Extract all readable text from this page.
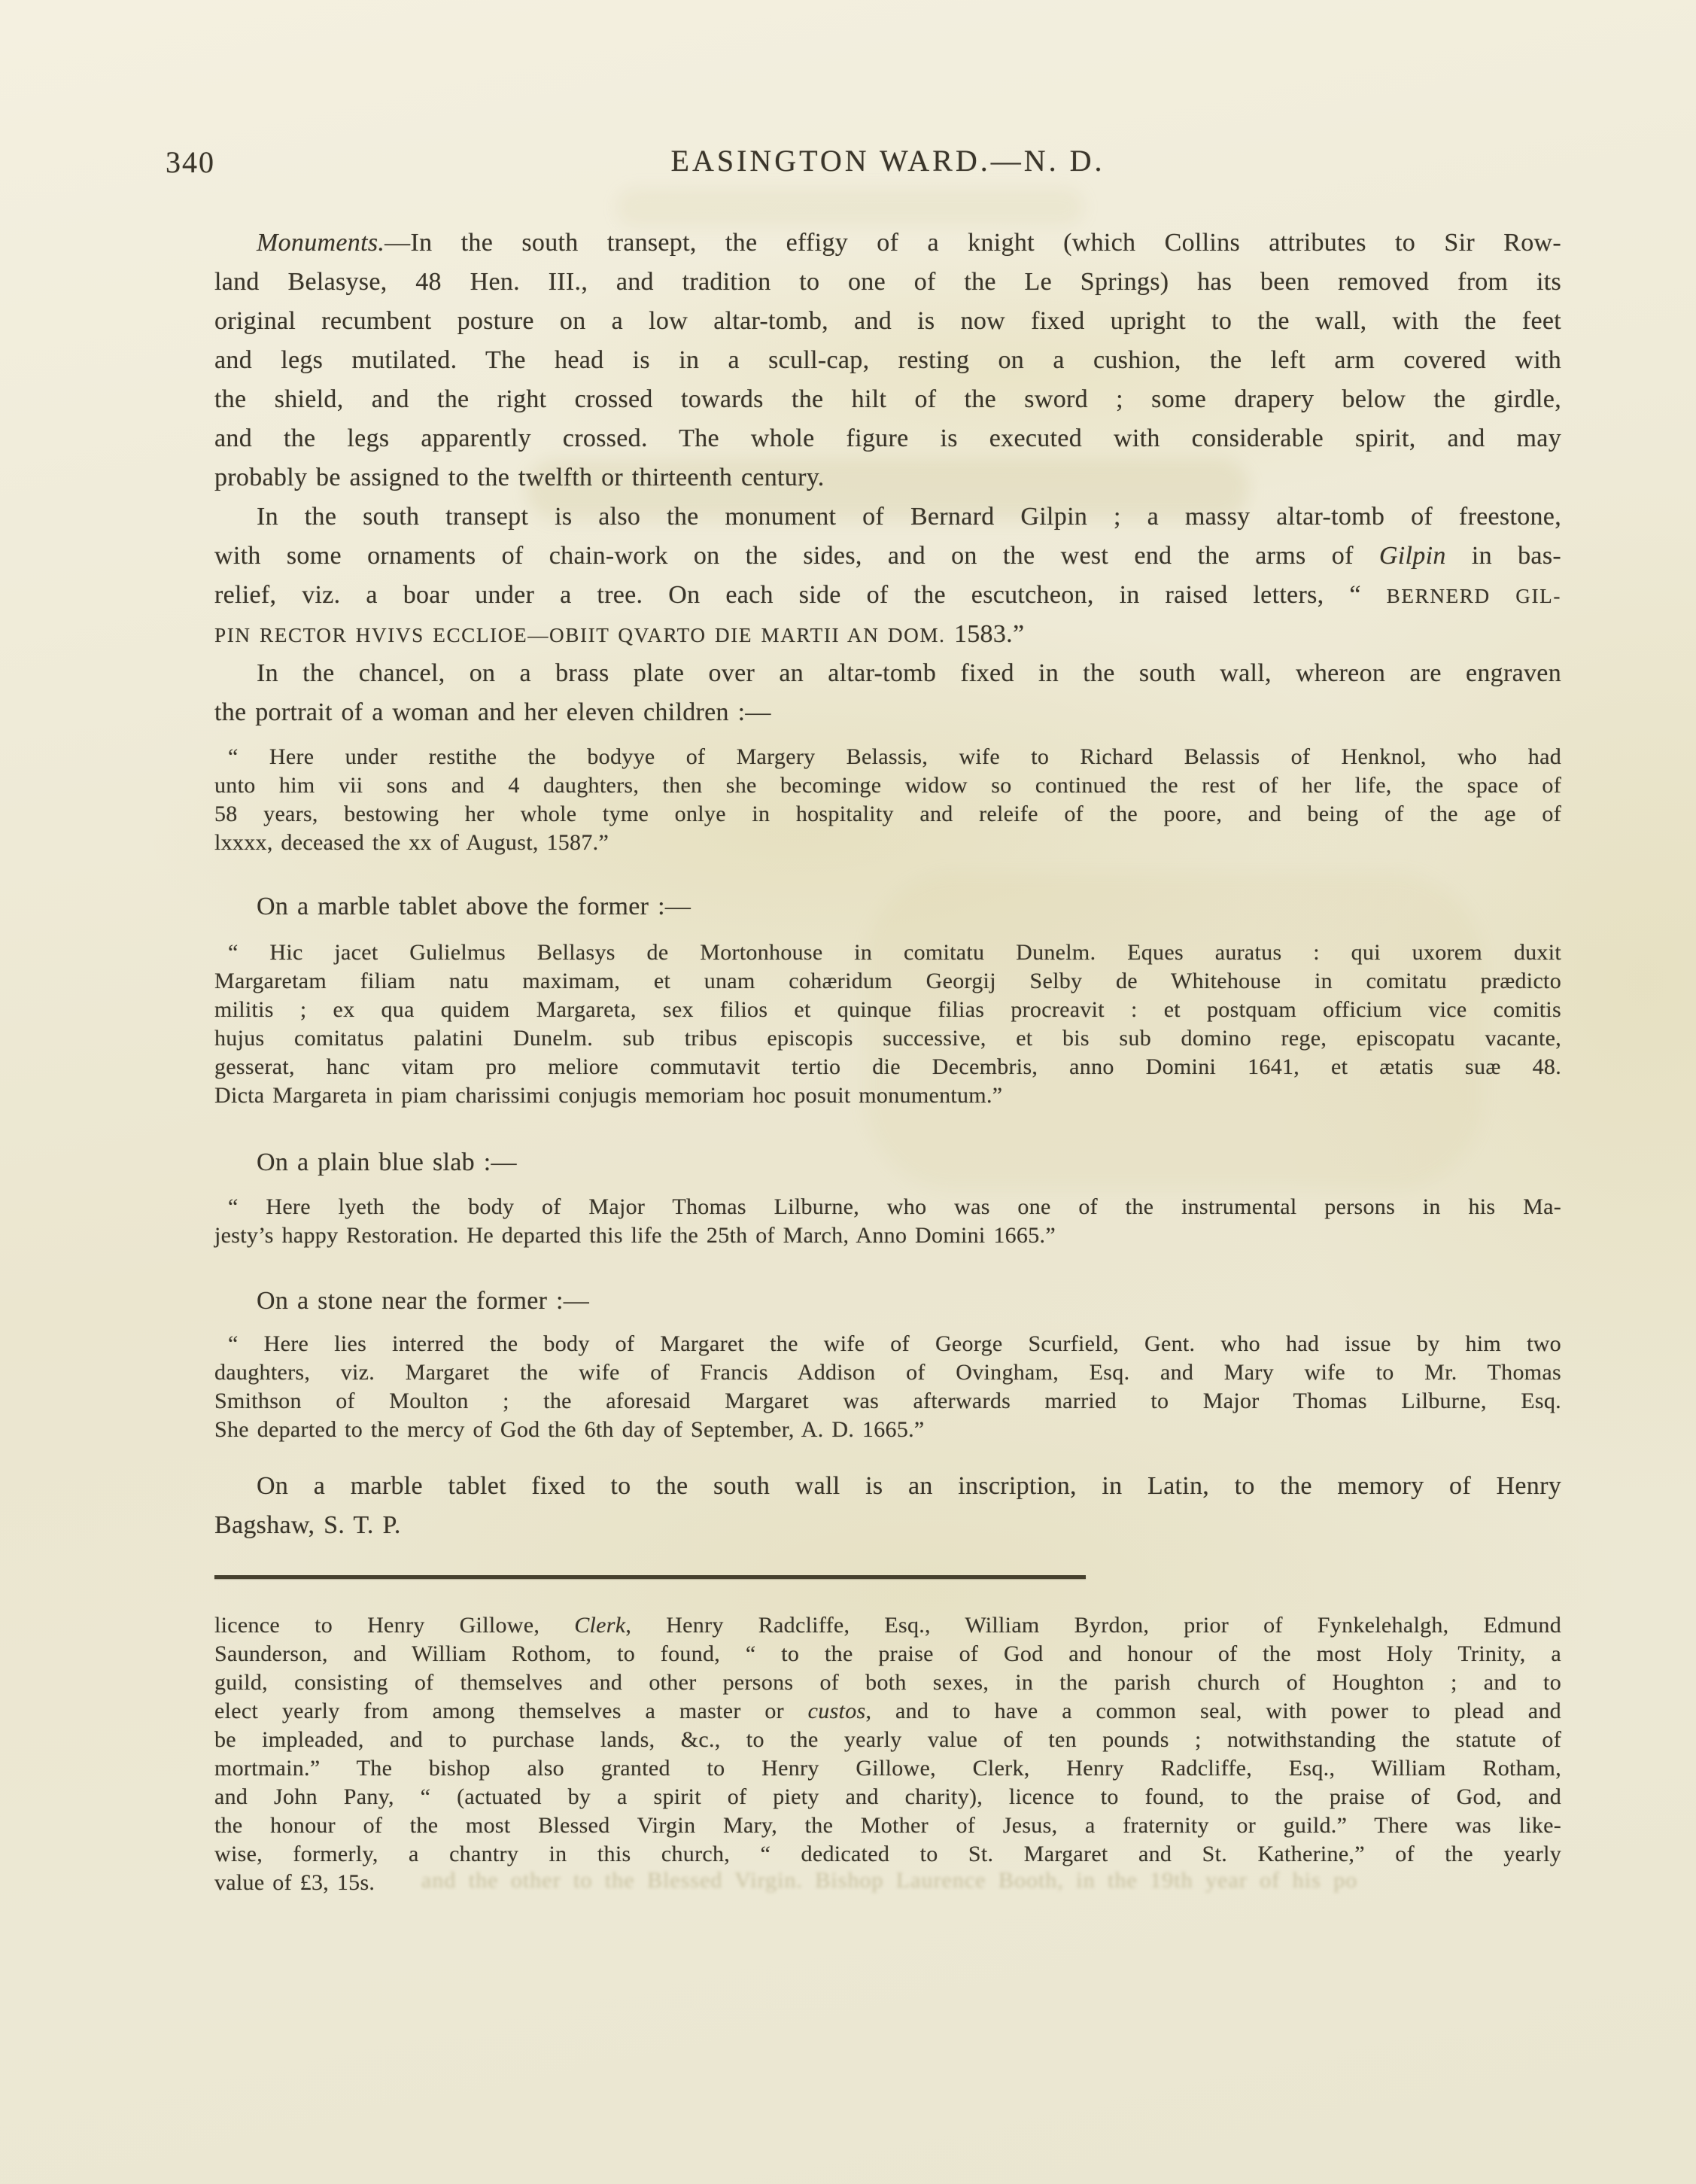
340	EASINGTON WARD.—N. D.
Monuments.—In the south transept, the effigy of a knight (which Collins attributes to Sir Row-
land Belasyse, 48 Hen. III., and tradition to one of the Le Springs) has been removed from its
original recumbent posture on a low altar-tomb, and is now fixed upright to the wall, with the feet
and legs mutilated. The head is in a scull-cap, resting on a cushion, the left arm covered with
the shield, and the right crossed towards the hilt of the sword ; some drapery below the girdle,
and the legs apparently crossed. The whole figure is executed with considerable spirit, and may
probably be assigned to the twelfth or thirteenth century.
In the south transept is also the monument of Bernard Gilpin ; a massy altar-tomb of freestone,
with some ornaments of chain-work on the sides, and on the west end the arms of Gilpin in bas-
relief, viz. a boar under a tree. On each side of the escutcheon, in raised letters, “ BERNERD GIL-
PIN RECTOR HVIVS ECCLIOE—OBIIT QVARTO DIE MARTII AN DOM. 1583.”
In the chancel, on a brass plate over an altar-tomb fixed in the south wall, whereon are engraven
the portrait of a woman and her eleven children :—
“ Here under restithe the bodyye of Margery Belassis, wife to Richard Belassis of Henknol, who had
unto him vii sons and 4 daughters, then she becominge widow so continued the rest of her life, the space of
58 years, bestowing her whole tyme onlye in hospitality and releife of the poore, and being of the age of
lxxxx, deceased the xx of August, 1587.”
On a marble tablet above the former :—
“ Hic jacet Gulielmus Bellasys de Mortonhouse in comitatu Dunelm. Eques auratus : qui uxorem duxit
Margaretam filiam natu maximam, et unam cohæridum Georgij Selby de Whitehouse in comitatu prædicto
militis ; ex qua quidem Margareta, sex filios et quinque filias procreavit : et postquam officium vice comitis
hujus comitatus palatini Dunelm. sub tribus episcopis successive, et bis sub domino rege, episcopatu vacante,
gesserat, hanc vitam pro meliore commutavit tertio die Decembris, anno Domini 1641, et ætatis suæ 48.
Dicta Margareta in piam charissimi conjugis memoriam hoc posuit monumentum.”
On a plain blue slab :—
“ Here lyeth the body of Major Thomas Lilburne, who was one of the instrumental persons in his Ma-
jesty’s happy Restoration. He departed this life the 25th of March, Anno Domini 1665.”
On a stone near the former :—
“ Here lies interred the body of Margaret the wife of George Scurfield, Gent. who had issue by him two
daughters, viz. Margaret the wife of Francis Addison of Ovingham, Esq. and Mary wife to Mr. Thomas
Smithson of Moulton ; the aforesaid Margaret was afterwards married to Major Thomas Lilburne, Esq.
She departed to the mercy of God the 6th day of September, A. D. 1665.”
On a marble tablet fixed to the south wall is an inscription, in Latin, to the memory of Henry
Bagshaw, S. T. P.
licence to Henry Gillowe, Clerk, Henry Radcliffe, Esq., William Byrdon, prior of Fynkelehalgh, Edmund
Saunderson, and William Rothom, to found, “ to the praise of God and honour of the most Holy Trinity, a
guild, consisting of themselves and other persons of both sexes, in the parish church of Houghton ; and to
elect yearly from among themselves a master or custos, and to have a common seal, with power to plead and
be impleaded, and to purchase lands, &c., to the yearly value of ten pounds ; notwithstanding the statute of
mortmain.” The bishop also granted to Henry Gillowe, Clerk, Henry Radcliffe, Esq., William Rotham,
and John Pany, “ (actuated by a spirit of piety and charity), licence to found, to the praise of God, and
the honour of the most Blessed Virgin Mary, the Mother of Jesus, a fraternity or guild.” There was like-
wise, formerly, a chantry in this church, “ dedicated to St. Margaret and St. Katherine,” of the yearly
value of £3, 15s.	and the other to the Blessed Virgin. Bishop Laurence Booth, in the 19th year of his po
